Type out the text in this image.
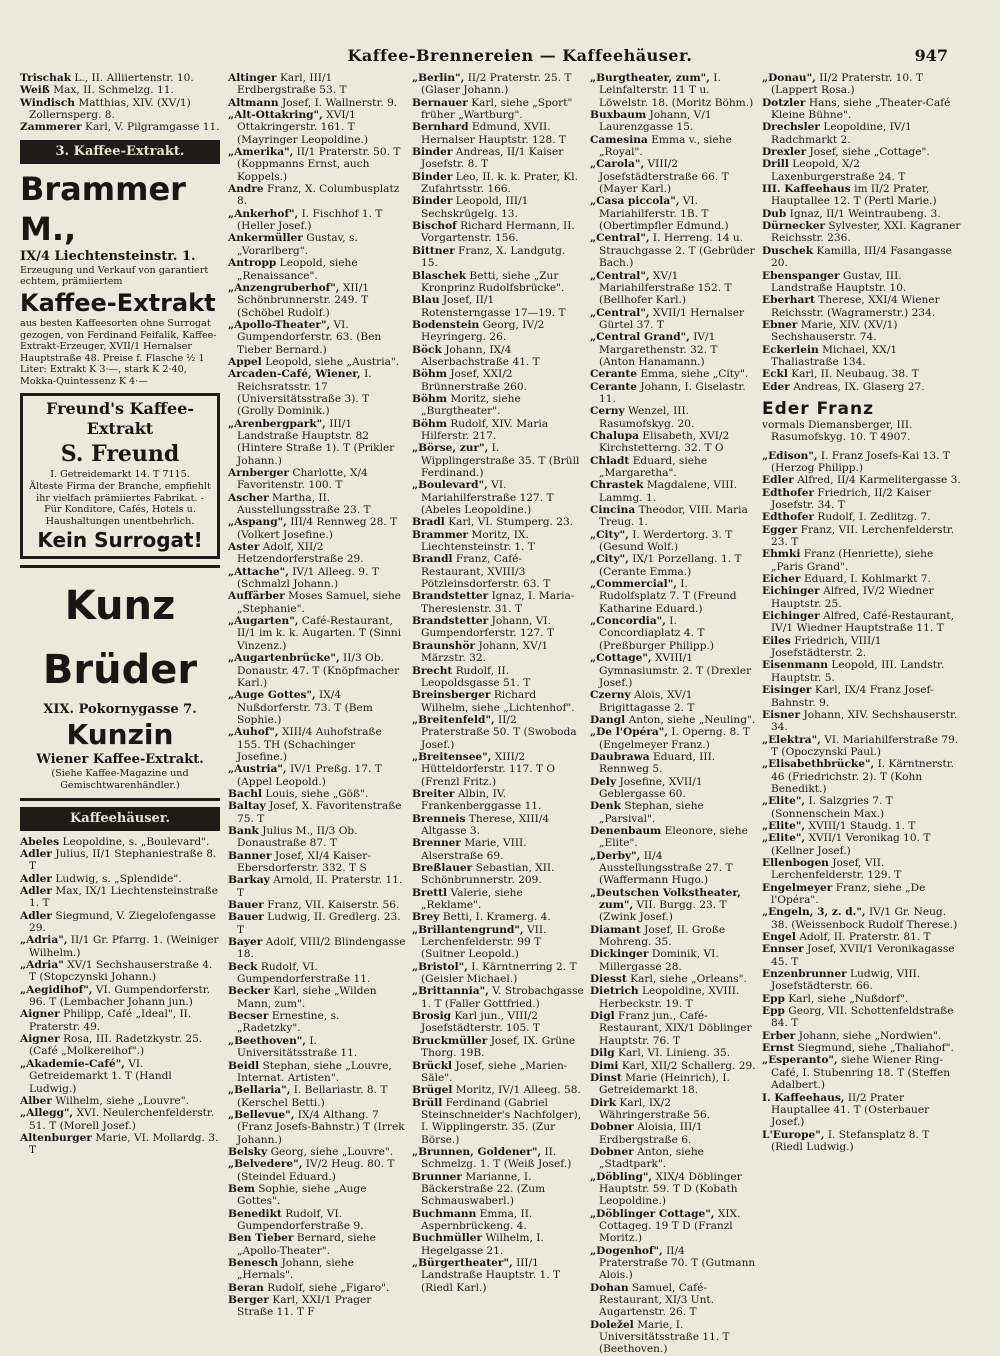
Kaffee-Brennereien — Kaffeehäuser.	947

Trischak L., II. Alliiertenstr. 10.

Weiß Max, II. Schmelzg. 11.

Windisch Matthias, XIV. (XV/1) Zollernsperg. 8.

Zammerer Karl, V. Pilgramgasse 11.

3. Kaffee-Extrakt.
Brammer M.,
IX/4 Liechtensteinstr. 1.
Erzeugung und Verkauf von garantiert echtem, prämiiertem
Kaffee-Extrakt
aus besten Kaffeesorten ohne Surrogat gezogen, von Ferdinand Feifalik, Kaffee-Extrakt-Erzeuger, XVII/1 Hernalser Hauptstraße 48. Preise f. Flasche ½ 1 Liter: Extrakt K 3·—, stark K 2·40, Mokka-Quintessenz K 4·—
Freund's Kaffee-Extrakt
S. Freund
I. Getreidemarkt 14. T 7115.
Älteste Firma der Branche, empfiehlt ihr vielfach prämiiertes Fabrikat. - Für Konditore, Cafés, Hotels u. Haushaltungen unentbehrlich.
Kein Surrogat!
Kunz Brüder
XIX. Pokornygasse 7.
Kunzin
Wiener Kaffee-Extrakt.
(Siehe Kaffee-Magazine und Gemischtwarenhändler.)
Kaffeehäuser.

Abeles Leopoldine, s. „Boulevard".

Adler Julius, II/1 Stephaniestraße 8. T

Adler Ludwig, s. „Splendide".

Adler Max, IX/1 Liechtensteinstraße 1. T

Adler Siegmund, V. Ziegelofengasse 29.

„Adria", II/1 Gr. Pfarrg. 1. (Weiniger Wilhelm.)

„Adria" XV/1 Sechshauserstraße 4. T (Stopczynski Johann.)

„Aegidihof", VI. Gumpendorferstr. 96. T (Lembacher Johann jun.)

Aigner Philipp, Café „Ideal", II. Praterstr. 49.

Aigner Rosa, III. Radetzkystr. 25. (Café „Molkereihof".)

„Akademie-Café", VI. Getreidemarkt 1. T (Handl Ludwig.)

Alber Wilhelm, siehe „Louvre".

„Allegg", XVI. Neulerchenfelderstr. 51. T (Morell Josef.)

Altenburger Marie, VI. Mollardg. 3. T

Altinger Karl, III/1 Erdbergstraße 53. T

Altmann Josef, I. Wallnerstr. 9.

„Alt-Ottakring", XVI/1 Ottakringerstr. 161. T (Mayringer Leopoldine.)

„Amerika", II/1 Praterstr. 50. T (Koppmanns Ernst, auch Koppels.)

Andre Franz, X. Columbusplatz 8.

„Ankerhof", I. Fischhof 1. T (Heller Josef.)

Ankermüller Gustav, s. „Vorarlberg".

Antropp Leopold, siehe „Renaissance".

„Anzengruberhof", XII/1 Schönbrunnerstr. 249. T (Schöbel Rudolf.)

„Apollo-Theater", VI. Gumpendorferstr. 63. (Ben Tieber Bernard.)

Appel Leopold, siehe „Austria".

Arcaden-Café, Wiener, I. Reichsratsstr. 17 (Universitätsstraße 3). T (Grolly Dominik.)

„Arenbergpark", III/1 Landstraße Hauptstr. 82 (Hintere Straße 1). T (Prikler Johann.)

Arnberger Charlotte, X/4 Favoritenstr. 100. T

Ascher Martha, II. Ausstellungsstraße 23. T

„Aspang", III/4 Rennweg 28. T (Volkert Josefine.)

Aster Adolf, XII/2 Hetzendorferstraße 29.

„Attache", IV/1 Alleeg. 9. T (Schmalzl Johann.)

Auffärber Moses Samuel, siehe „Stephanie".

„Augarten", Café-Restaurant, II/1 im k. k. Augarten. T (Sinni Vinzenz.)

„Augartenbrücke", II/3 Ob. Donaustr. 47. T (Knöpfmacher Karl.)

„Auge Gottes", IX/4 Nußdorferstr. 73. T (Bem Sophie.)

„Auhof", XIII/4 Auhofstraße 155. TH (Schachinger Josefine.)

„Austria", IV/1 Preßg. 17. T (Appel Leopold.)

Bachl Louis, siehe „Göß".

Baltay Josef, X. Favoritenstraße 75. T

Bank Julius M., II/3 Ob. Donaustraße 87. T

Banner Josef, XI/4 Kaiser-Ebersdorferstr. 332. T S

Barkay Arnold, II. Praterstr. 11. T

Bauer Franz, VII. Kaiserstr. 56.

Bauer Ludwig, II. Gredlerg. 23. T

Bayer Adolf, VIII/2 Blindengasse 18.

Beck Rudolf, VI. Gumpendorferstraße 11.

Becker Karl, siehe „Wilden Mann, zum".

Becser Ernestine, s. „Radetzky".

„Beethoven", I. Universitätsstraße 11.

Beidl Stephan, siehe „Louvre, Internat. Artisten".

„Bellaria", I. Bellariastr. 8. T (Kerschel Betti.)

„Bellevue", IX/4 Althang. 7 (Franz Josefs-Bahnstr.) T (Irrek Johann.)

Belsky Georg, siehe „Louvre".

„Belvedere", IV/2 Heug. 80. T (Steindel Eduard.)

Bem Sophie, siehe „Auge Gottes".

Benedikt Rudolf, VI. Gumpendorferstraße 9.

Ben Tieber Bernard, siehe „Apollo-Theater".

Benesch Johann, siehe „Hernals".

Beran Rudolf, siehe „Figaro".

Berger Karl, XXI/1 Prager Straße 11. T F

„Berlin", II/2 Praterstr. 25. T (Glaser Johann.)

Bernauer Karl, siehe „Sport" früher „Wartburg".

Bernhard Edmund, XVII. Hernalser Hauptstr. 128. T

Binder Andreas, II/1 Kaiser Josefstr. 8. T

Binder Leo, II. k. k. Prater, Kl. Zufahrtsstr. 166.

Binder Leopold, III/1 Sechskrügelg. 13.

Bischof Richard Hermann, II. Vorgartenstr. 156.

Bittner Franz, X. Landgutg. 15.

Blaschek Betti, siehe „Zur Kronprinz Rudolfsbrücke".

Blau Josef, II/1 Rotensterngasse 17—19. T

Bodenstein Georg, IV/2 Heyringerg. 26.

Böck Johann, IX/4 Alserbachstraße 41. T

Böhm Josef, XXI/2 Brünnerstraße 260.

Böhm Moritz, siehe „Burgtheater".

Böhm Rudolf, XIV. Maria Hilferstr. 217.

„Börse, zur", I. Wipplingerstraße 35. T (Brüll Ferdinand.)

„Boulevard", VI. Mariahilferstraße 127. T (Abeles Leopoldine.)

Bradl Karl, VI. Stumperg. 23.

Brammer Moritz, IX. Liechtensteinstr. 1. T

Brandl Franz, Café-Restaurant, XVIII/3 Pötzleinsdorferstr. 63. T

Brandstetter Ignaz, I. Maria-Theresienstr. 31. T

Brandstetter Johann, VI. Gumpendorferstr. 127. T

Braunshör Johann, XV/1 Märzstr. 32.

Brecht Rudolf, II. Leopoldsgasse 51. T

Breinsberger Richard Wilhelm, siehe „Lichtenhof".

„Breitenfeld", II/2 Praterstraße 50. T (Swoboda Josef.)

„Breitensee", XIII/2 Hütteldorferstr. 117. T O (Frenzl Fritz.)

Breiter Albin, IV. Frankenberggasse 11.

Brenneis Therese, XIII/4 Altgasse 3.

Brenner Marie, VIII. Alserstraße 69.

Breßlauer Sebastian, XII. Schönbrunnerstr. 209.

Brettl Valerie, siehe „Reklame".

Brey Betti, I. Kramerg. 4.

„Brillantengrund", VII. Lerchenfelderstr. 99 T (Suitner Leopold.)

„Bristol", I. Kärntnerring 2. T (Geisler Michael.)

„Brittannia", V. Strobachgasse 1. T (Faller Gottfried.)

Brosig Karl jun., VIII/2 Josefstädterstr. 105. T

Bruckmüller Josef, IX. Grüne Thorg. 19B.

Brückl Josef, siehe „Marien-Säle".

Brügel Moritz, IV/1 Alleeg. 58.

Brüll Ferdinand (Gabriel Steinschneider's Nachfolger), I. Wipplingerstr. 35. (Zur Börse.)

„Brunnen, Goldener", II. Schmelzg. 1. T (Weiß Josef.)

Brunner Marianne, I. Bäckerstraße 22. (Zum Schmauswaberl.)

Buchmann Emma, II. Aspernbrückeng. 4.

Buchmüller Wilhelm, I. Hegelgasse 21.

„Bürgertheater", III/1 Landstraße Hauptstr. 1. T (Riedl Karl.)

„Burgtheater, zum", I. Leinfalterstr. 11 T u. Löwelstr. 18. (Moritz Böhm.)

Buxbaum Johann, V/1 Laurenzgasse 15.

Camesina Emma v., siehe „Royal".

„Carola", VIII/2 Josefstädterstraße 66. T (Mayer Karl.)

„Casa piccola", VI. Mariahilferstr. 1B. T (Obertimpfler Edmund.)

„Central", I. Herreng. 14 u. Strauchgasse 2. T (Gebrüder Bach.)

„Central", XV/1 Mariahilferstraße 152. T (Bellhofer Karl.)

„Central", XVII/1 Hernalser Gürtel 37. T

„Central Grand", IV/1 Margarethenstr. 32. T (Anton Hanamann.)

Cerante Emma, siehe „City".

Cerante Johann, I. Giselastr. 11.

Cerny Wenzel, III. Rasumofskyg. 20.

Chalupa Elisabeth, XVI/2 Kirchstetterng. 32. T O

Chladt Eduard, siehe „Margaretha".

Chrastek Magdalene, VIII. Lammg. 1.

Cincina Theodor, VIII. Maria Treug. 1.

„City", I. Werdertorg. 3. T (Gesund Wolf.)

„City", IX/1 Porzellang. 1. T (Cerante Emma.)

„Commercial", I. Rudolfsplatz 7. T (Freund Katharine Eduard.)

„Concordia", I. Concordiaplatz 4. T (Preßburger Philipp.)

„Cottage", XVIII/1 Gymnasiumstr. 2. T (Drexler Josef.)

Czerny Alois, XV/1 Brigittagasse 2. T

Dangl Anton, siehe „Neuling".

„De l'Opéra", I. Operng. 8. T (Engelmeyer Franz.)

Daubrawa Eduard, III. Rennweg 5.

Dely Josefine, XVII/1 Geblergasse 60.

Denk Stephan, siehe „Parsival".

Denenbaum Eleonore, siehe „Elite".

„Derby", II/4 Ausstellungsstraße 27. T (Waffermann Hugo.)

„Deutschen Volkstheater, zum", VII. Burgg. 23. T (Zwink Josef.)

Diamant Josef, II. Große Mohreng. 35.

Dickinger Dominik, VI. Millergasse 28.

Diesst Karl, siehe „Orleans".

Dietrich Leopoldine, XVIII. Herbeckstr. 19. T

Digl Franz jun., Café-Restaurant, XIX/1 Döblinger Hauptstr. 76. T

Dilg Karl, VI. Linieng. 35.

Dimi Karl, XII/2 Schallerg. 29.

Dinst Marie (Heinrich), I. Getreidemarkt 18.

Dirk Karl, IX/2 Währingerstraße 56.

Dobner Aloisia, III/1 Erdbergstraße 6.

Dobner Anton, siehe „Stadtpark".

„Döbling", XIX/4 Döblinger Hauptstr. 59. T D (Kobath Leopoldine.)

„Döblinger Cottage", XIX. Cottageg. 19 T D (Franzl Moritz.)

„Dogenhof", II/4 Praterstraße 70. T (Gutmann Alois.)

Dohan Samuel, Café-Restaurant, XI/3 Unt. Augartenstr. 26. T

Doležel Marie, I. Universitätsstraße 11. T (Beethoven.)

„Donau", II/2 Praterstr. 10. T (Lappert Rosa.)

Dotzler Hans, siehe „Theater-Café Kleine Bühne".

Drechsler Leopoldine, IV/1 Radchmarkt 2.

Drexler Josef, siehe „Cottage".

Drill Leopold, X/2 Laxenburgerstraße 24. T

III. Kaffeehaus im II/2 Prater, Hauptallee 12. T (Pertl Marie.)

Dub Ignaz, II/1 Weintraubeng. 3.

Dürnecker Sylvester, XXI. Kagraner Reichsstr. 236.

Duschek Kamilla, III/4 Fasangasse 20.

Ebenspanger Gustav, III. Landstraße Hauptstr. 10.

Eberhart Therese, XXI/4 Wiener Reichsstr. (Wagramerstr.) 234.

Ebner Marie, XIV. (XV/1) Sechshauserstr. 74.

Eckerlein Michael, XX/1 Thaliastraße 134.

Eckl Karl, II. Neubaug. 38. T

Eder Andreas, IX. Glaserg 27.

Eder Franz
vormals Diemansberger, III. Rasumofskyg. 10. T 4907.

„Edison", I. Franz Josefs-Kai 13. T (Herzog Philipp.)

Edler Alfred, II/4 Karmelitergasse 3.

Edthofer Friedrich, II/2 Kaiser Josefstr. 34. T

Edthofer Rudolf, I. Zedlitzg. 7.

Egger Franz, VII. Lerchenfelderstr. 23. T

Ehmki Franz (Henriette), siehe „Paris Grand".

Eicher Eduard, I. Kohlmarkt 7.

Eichinger Alfred, IV/2 Wiedner Hauptstr. 25.

Eichinger Alfred, Café-Restaurant, IV/1 Wiedner Hauptstraße 11. T

Eiles Friedrich, VIII/1 Josefstädterstr. 2.

Eisenmann Leopold, III. Landstr. Hauptstr. 5.

Eisinger Karl, IX/4 Franz Josef-Bahnstr. 9.

Eisner Johann, XIV. Sechshauserstr. 34.

„Elektra", VI. Mariahilferstraße 79. T (Opoczynski Paul.)

„Elisabethbrücke", I. Kärntnerstr. 46 (Friedrichstr. 2). T (Kohn Benedikt.)

„Elite", I. Salzgries 7. T (Sonnenschein Max.)

„Elite", XVIII/1 Staudg. 1. T

„Elite", XVII/1 Veronikag 10. T (Kellner Josef.)

Ellenbogen Josef, VII. Lerchenfelderstr. 129. T

Engelmeyer Franz, siehe „De l'Opéra".

„Engeln, 3, z. d.", IV/1 Gr. Neug. 38. (Weissenbock Rudolf Therese.)

Engel Adolf, II. Praterstr. 81. T

Ennser Josef, XVII/1 Veronikagasse 45. T

Enzenbrunner Ludwig, VIII. Josefstädterstr. 66.

Epp Karl, siehe „Nußdorf".

Epp Georg, VII. Schottenfeldstraße 84. T

Erber Johann, siehe „Nordwien".

Ernst Siegmund, siehe „Thaliahof".

„Esperanto", siehe Wiener Ring-Café, I. Stubenring 18. T (Steffen Adalbert.)

I. Kaffeehaus, II/2 Prater Hauptallee 41. T (Osterbauer Josef.)

L'Europe", I. Stefansplatz 8. T (Riedl Ludwig.)
